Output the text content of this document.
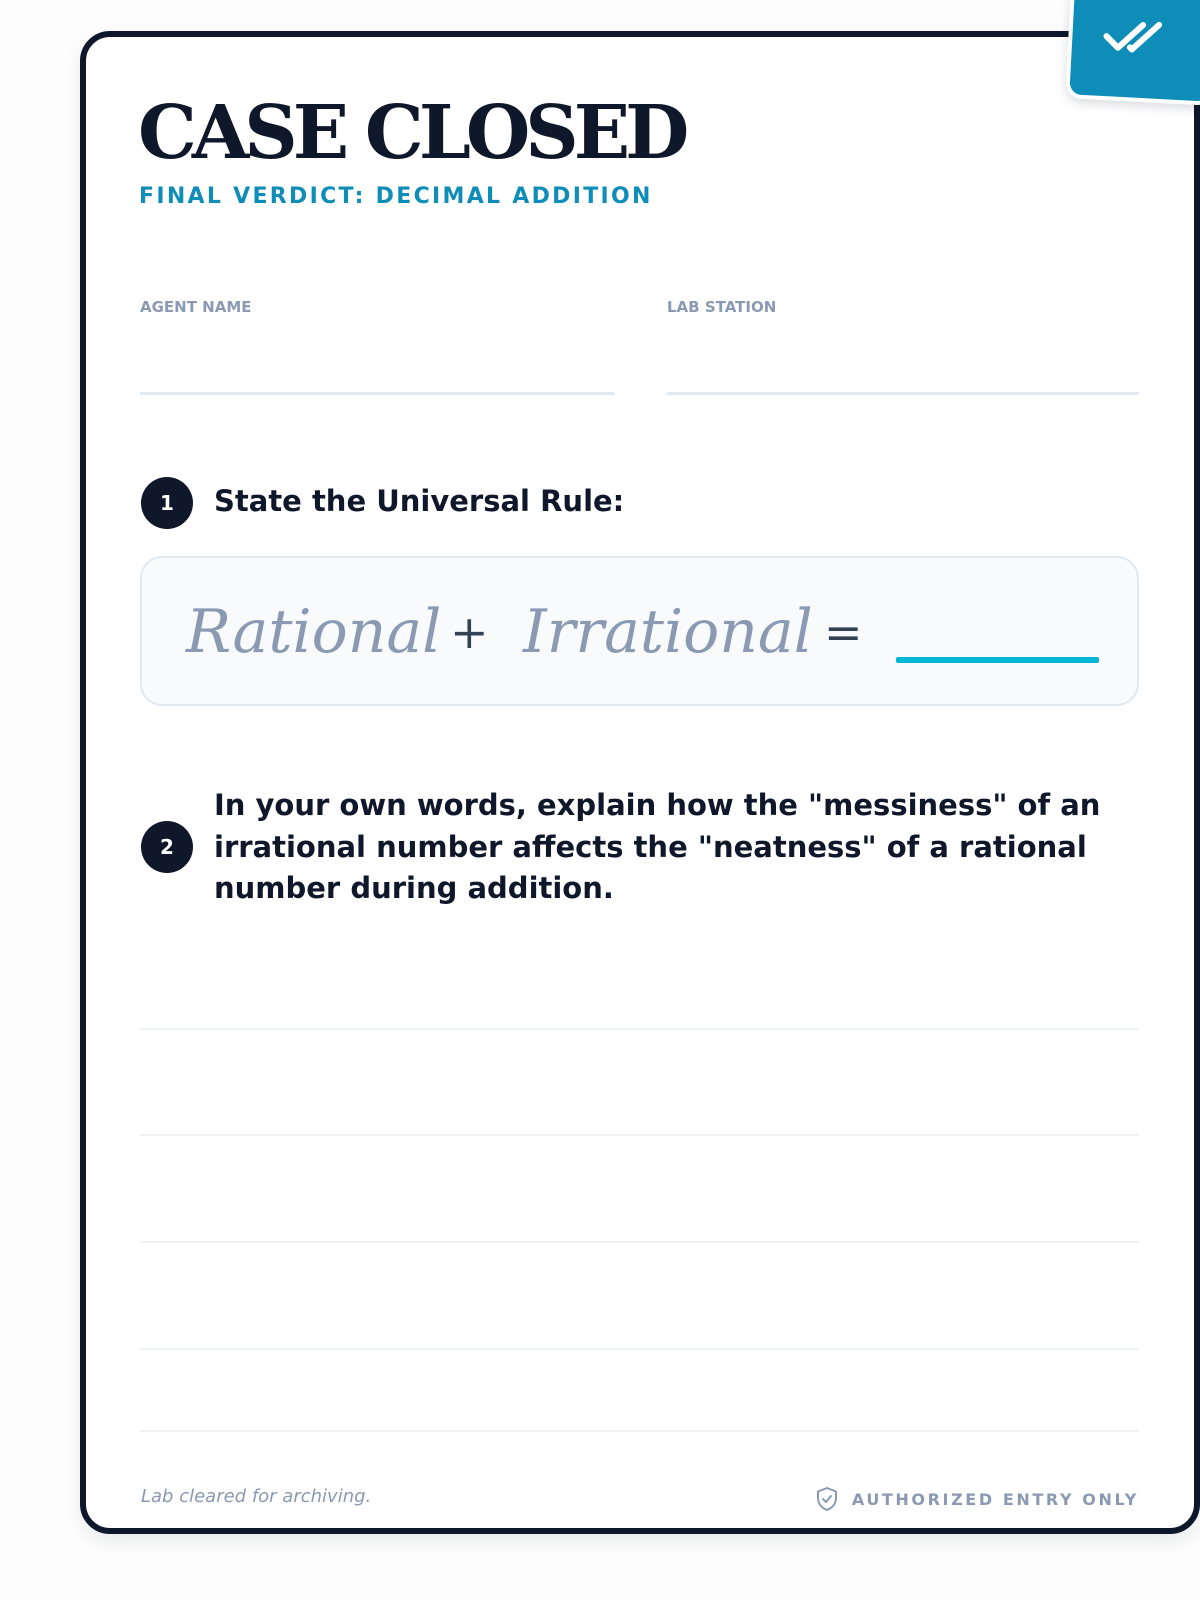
CASE CLOSED
FINAL VERDICT: DECIMAL ADDITION
AGENT NAME	LAB STATION
1	State the Universal Rule:
Rational + Irrational =
2
In your own words, explain how the "messiness" of an irrational number affects the "neatness" of a rational number during addition.
Lab cleared for archiving.	AUTHORIZED ENTRY ONLY
